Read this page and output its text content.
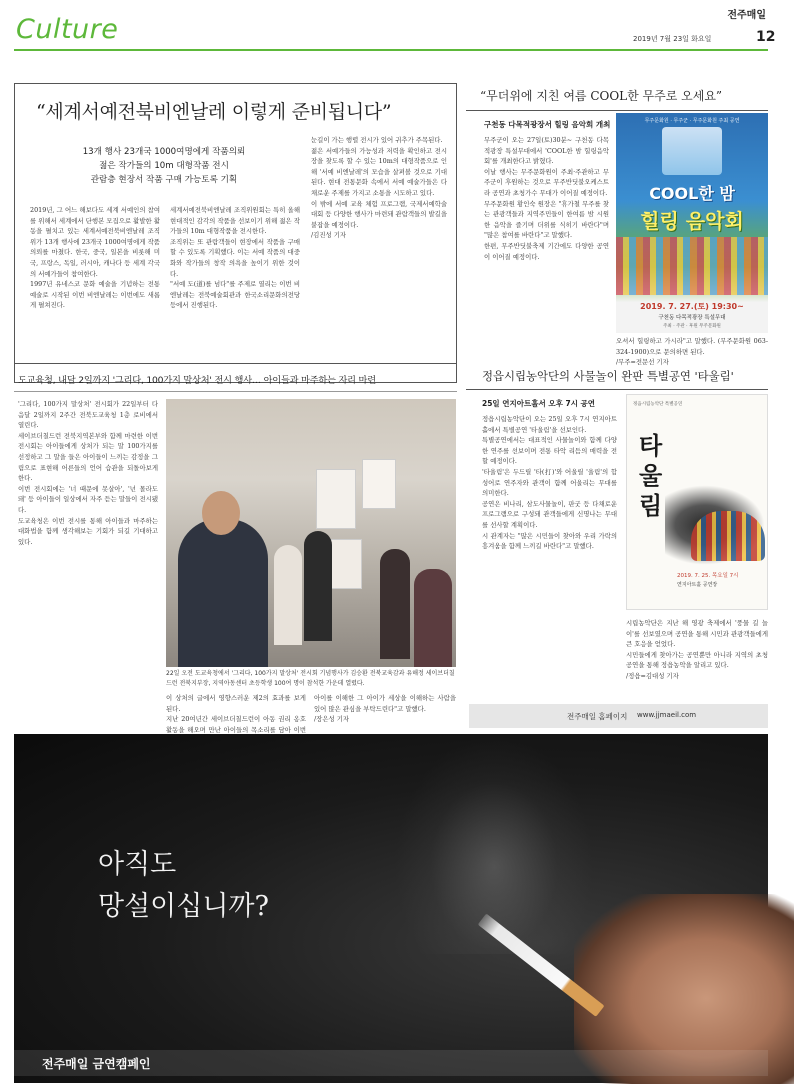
Culture	전주매일
2019년 7월 23일 화요일	12
“세계서예전북비엔날레 이렇게 준비됩니다”
13개 행사 23개국 1000여명에게 작품의뢰
젊은 작가들의 10m 대형작품 전시
관람층 현장서 작품 구매 가능토록 기획
2019년, 그 어느 해보다도 세계 서예인의 참여를 위해서 세계에서 단행본 모집으로 활발한 활동을 펼치고 있는 세계서예전북비엔날레 조직위가 13개 행사에 23개국 1000여명에게 작품의뢰를 마쳤다. 한국, 중국, 일본을 비롯해 미국, 프랑스, 독일, 러시아, 캐나다 등 세계 각국의 서예가들이 참여한다.
1997년 유네스코 문화 예술을 기념하는 전통예술로 시작된 이번 비엔날레는 이번에도 새롭게 펼쳐진다.
세계서예전북비엔날레 조직위원회는 특히 올해 현대적인 감각의 작품을 선보이기 위해 젊은 작가들의 10m 대형작품을 전시한다.
조직위는 또 관람객들이 현장에서 작품을 구매할 수 있도록 기획했다. 이는 서예 작품의 대중화와 작가들의 창작 의욕을 높이기 위한 것이다.
"서예 도(道)를 넘다"를 주제로 열리는 이번 비엔날레는 전북예술회관과 한국소리문화의전당 등에서 진행된다.
눈길이 가는 행렬 전시가 있어 귀추가 주목된다.
젊은 서예가들의 가능성과 저력을 확인하고 전시장을 찾도록 할 수 있는 10m의 대형작품으로 인해 '서예 비엔날레'의 모습을 살펴볼 것으로 기대된다. 현대 전통문화 속에서 서예 예술가들은 다채로운 주제를 가지고 소통을 시도하고 있다.
이 밖에 서예 교육 체험 프로그램, 국제서예학술대회 등 다양한 행사가 마련돼 관람객들의 발길을 붙잡을 예정이다.
/김진성 기자
“무더위에 지친 여름 COOL한 무주로 오세요”
구천동 다목적광장서 힐링 음악회 개최
무주군이 오는 27일(토)30분~ 구천동 다목적광장 특설무대에서 'COOL한 밤 힐링음악회'를 개최한다고 밝혔다.
이날 행사는 무주문화원이 주최·주관하고 무주군이 후원하는 것으로 무주반딧불오케스트라 공연과 초청가수 무대가 이어질 예정이다.
무주문화원 황인숙 원장은 "휴가철 무주를 찾는 관광객들과 지역주민들이 한여름 밤 시원한 음악을 즐기며 더위를 식히기 바란다"며 "많은 참여를 바란다"고 말했다.
한편, 무주반딧불축제 기간에도 다양한 공연이 이어질 예정이다.
무주문화원 · 무주군 · 무주문화원 주최 공연
COOL한 밤
힐링 음악회
2019. 7. 27.(토) 19:30~
구천동 다목적광장 특설무대
주최 · 주관 · 후원 무주문화원
오셔서 힐링하고 가시라"고 말했다. (무주문화원 063-324-1900)으로 문의하면 된다.
/무주=전문선 기자
도교육청, 내달 2일까지 '그리다, 100가지 말상처' 전시 행사… 아이들과 마주하는 자리 마련
'그리다, 100가지 말상처' 전시회가 22일부터 다음달 2일까지 2주간 전북도교육청 1층 로비에서 열린다.
세이브더칠드런 전북지역본부와 함께 마련한 이번 전시회는 아이들에게 상처가 되는 말 100가지를 선정하고 그 말을 들은 아이들이 느끼는 감정을 그림으로 표현해 어른들의 언어 습관을 되돌아보게 한다.
이번 전시회에는 '너 때문에 못살아', '넌 몰라도 돼' 등 아이들이 일상에서 자주 듣는 말들이 전시됐다.
도교육청은 이번 전시를 통해 아이들과 마주하는 대화법을 함께 생각해보는 기회가 되길 기대하고 있다.
22일 오전 도교육청에서 '그리다, 100가지 말상처' 전시회 기념행사가 김승환 전북교육감과 유해정 세이브더칠드런 전북지부장, 지역아동센터 초등학생 100여 명이 참석한 가운데 열렸다.
이 상처의 글에서 영향스러운 제2의 효과를 보게 된다.
지난 20여년간 세이브더칠드런이 아동 권리 옹호 활동을 해오며 만난 아이들의 목소리를 담아 이번

아이를 이해한 그 아이가 세상을 이해하는 사람을 있어 많은 관심을 부탁드린다"고 말했다.
/장은성 기자
정읍시립농악단의 사물놀이 완판 특별공연 '타울림'
25일 연지아트홀서 오후 7시 공연
정읍시립농악단이 오는 25일 오후 7시 연지아트홀에서 특별공연 '타울림'을 선보인다.
특별공연에서는 대표적인 사물놀이와 함께 다양한 연주를 선보이며 전통 타악 리듬의 매력을 전할 예정이다.
'타울림'은 두드릴 '타(打)'와 어울릴 '울림'의 합성어로 연주자와 관객이 함께 어울리는 무대를 의미한다.
공연은 비나리, 삼도사물놀이, 판굿 등 다채로운 프로그램으로 구성돼 관객들에게 신명나는 무대를 선사할 계획이다.
시 관계자는 "많은 시민들이 찾아와 우리 가락의 흥겨움을 함께 느끼길 바란다"고 말했다.
타울림
2019. 7. 25. 목요일 7시
연지아트홀 공연장
정읍시립농악단 특별공연
시립농악단은 지난 해 영광 축제에서 '풍물 길 놀이'를 선보였으며 공연을 통해 시민과 관광객들에게 큰 호응을 얻었다.
시민들에게 찾아가는 공연뿐만 아니라 지역의 초청공연을 통해 정읍농악을 알리고 있다.
/정읍=김대성 기자
전주매일 홈페이지 www.jjmaeil.com
아직도
망설이십니까?
전주매일 금연캠페인
